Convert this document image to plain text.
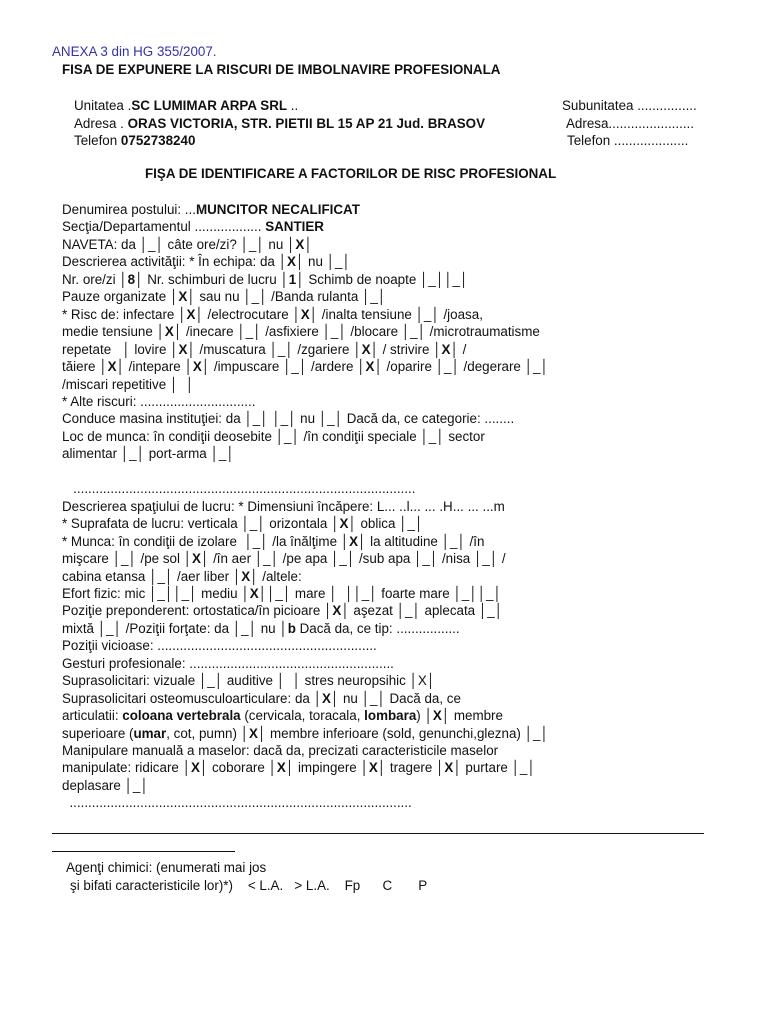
ANEXA 3 din HG 355/2007.
FISA DE EXPUNERE LA RISCURI DE IMBOLNAVIRE PROFESIONALA
Unitatea .SC LUMIMAR ARPA SRL ..
Adresa . ORAS VICTORIA, STR. PIETII BL 15 AP 21 Jud. BRASOV
Telefon 0752738240
Subunitatea ................
Adresa.......................
Telefon ....................
FIŞA DE IDENTIFICARE A FACTORILOR DE RISC PROFESIONAL
Denumirea postului: ...MUNCITOR NECALIFICAT
Secţia/Departamentul .................. SANTIER
NAVETA: da │_│ câte ore/zi? │_│ nu │X│
Descrierea activităţii: * În echipa: da │X│ nu │_│
Nr. ore/zi │8│ Nr. schimburi de lucru │1│ Schimb de noapte │_││_│
Pauze organizate │X│ sau nu │_│ /Banda rulanta │_│
* Risc de: infectare │X│ /electrocutare │X│ /inalta tensiune │_│ /joasa,
medie tensiune │X│ /inecare │_│ /asfixiere │_│ /blocare │_│ /microtraumatisme
repetate   │ lovire │X│ /muscatura │_│ /zgariere │X│ / strivire │X│ /
tăiere │X│ /intepare │X│ /impuscare │_│ /ardere │X│ /oparire │_│ /degerare │_│
/miscari repetitive │  │
* Alte riscuri: ...............................
Conduce masina instituţiei: da │_│ │_│ nu │_│ Dacă da, ce categorie: ........
Loc de munca: în condiţii deosebite │_│ /în condiţii speciale │_│ sector
alimentar │_│ port-arma │_│
............................................................................................
Descrierea spaţiului de lucru: * Dimensiuni încăpere: L... ..l... ... .H... ... ...m
* Suprafata de lucru: verticala │_│ orizontala │X│ oblica │_│
* Munca: în condiţii de izolare  │_│ /la înălţime │X│ la altitudine │_│ /în
mişcare │_│ /pe sol │X│ /în aer │_│ /pe apa │_│ /sub apa │_│ /nisa │_│ /
cabina etansa │_│ /aer liber │X│ /altele:
Efort fizic: mic │_││_│ mediu │X││_│ mare │  ││_│ foarte mare │_││_│
Poziţie preponderent: ortostatica/în picioare │X│ aşezat │_│ aplecata │_│
mixtă │_│ /Poziţii forţate: da │_│ nu │b Dacă da, ce tip: .................
Poziţii vicioase: ...........................................................
Gesturi profesionale: .......................................................
Suprasolicitari: vizuale │_│ auditive │  │ stres neuropsihic │X│
Suprasolicitari osteomusculoarticulare: da │X│ nu │_│ Dacă da, ce
articulatii: coloana vertebrala (cervicala, toracala, lombara) │X│ membre
superioare (umar, cot, pumn) │X│ membre inferioare (sold, genunchi,glezna) │_│
Manipulare manuală a maselor: dacă da, precizati caracteristicile maselor
manipulate: ridicare │X│ coborare │X│ impingere │X│ tragere │X│ purtare │_│
deplasare │_│
............................................................................................
Agenţi chimici: (enumerati mai jos
şi bifati caracteristicile lor)*)    < L.A.   > L.A.    Fp      C       P
